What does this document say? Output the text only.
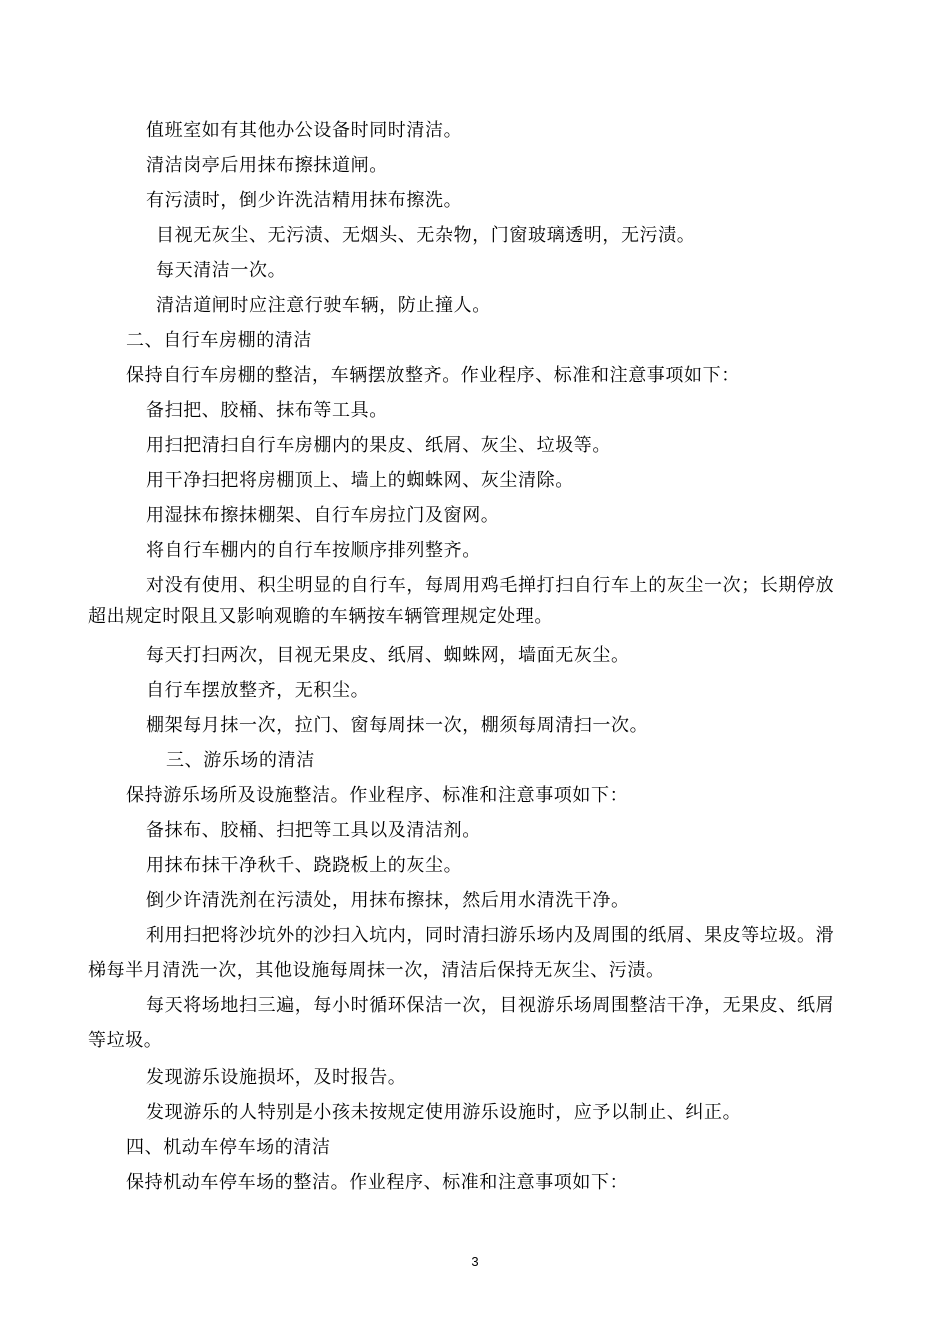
值班室如有其他办公设备时同时清洁。
清洁岗亭后用抹布擦抹道闸。
有污渍时，倒少许洗洁精用抹布擦洗。
目视无灰尘、无污渍、无烟头、无杂物，门窗玻璃透明，无污渍。
每天清洁一次。
清洁道闸时应注意行驶车辆，防止撞人。
二、自行车房棚的清洁
保持自行车房棚的整洁，车辆摆放整齐。作业程序、标准和注意事项如下：
备扫把、胶桶、抹布等工具。
用扫把清扫自行车房棚内的果皮、纸屑、灰尘、垃圾等。
用干净扫把将房棚顶上、墙上的蜘蛛网、灰尘清除。
用湿抹布擦抹棚架、自行车房拉门及窗网。
将自行车棚内的自行车按顺序排列整齐。
对没有使用、积尘明显的自行车，每周用鸡毛掸打扫自行车上的灰尘一次；长期停放
超出规定时限且又影响观瞻的车辆按车辆管理规定处理。
每天打扫两次，目视无果皮、纸屑、蜘蛛网，墙面无灰尘。
自行车摆放整齐，无积尘。
棚架每月抹一次，拉门、窗每周抹一次，棚须每周清扫一次。
三、游乐场的清洁
保持游乐场所及设施整洁。作业程序、标准和注意事项如下：
备抹布、胶桶、扫把等工具以及清洁剂。
用抹布抹干净秋千、跷跷板上的灰尘。
倒少许清洗剂在污渍处，用抹布擦抹，然后用水清洗干净。
利用扫把将沙坑外的沙扫入坑内，同时清扫游乐场内及周围的纸屑、果皮等垃圾。滑
梯每半月清洗一次，其他设施每周抹一次，清洁后保持无灰尘、污渍。
每天将场地扫三遍，每小时循环保洁一次，目视游乐场周围整洁干净，无果皮、纸屑
等垃圾。
发现游乐设施损坏，及时报告。
发现游乐的人特别是小孩未按规定使用游乐设施时，应予以制止、纠正。
四、机动车停车场的清洁
保持机动车停车场的整洁。作业程序、标准和注意事项如下：
3
